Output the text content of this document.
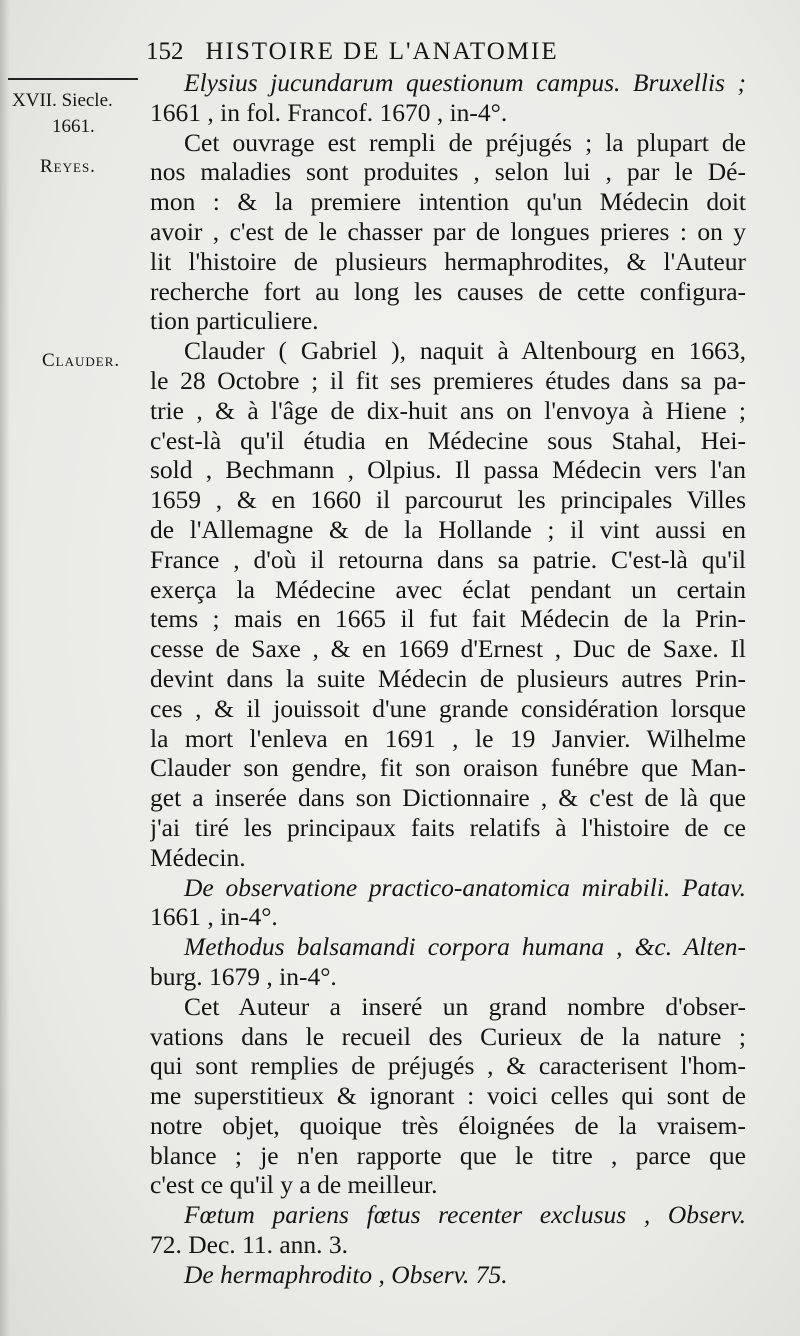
152 HISTOIRE DE L'ANATOMIE
XVII. Siecle.
1661.
Reyes.
Clauder.
Elysius jucundarum questionum campus. Bruxellis ;
1661 , in fol. Francof. 1670 , in-4°.
Cet ouvrage est rempli de préjugés ; la plupart de
nos maladies sont produites , selon lui , par le Dé-
mon : & la premiere intention qu'un Médecin doit
avoir , c'est de le chasser par de longues prieres : on y
lit l'histoire de plusieurs hermaphrodites, & l'Auteur
recherche fort au long les causes de cette configura-
tion particuliere.
Clauder ( Gabriel ), naquit à Altenbourg en 1663,
le 28 Octobre ; il fit ses premieres études dans sa pa-
trie , & à l'âge de dix-huit ans on l'envoya à Hiene ;
c'est-là qu'il étudia en Médecine sous Stahal, Hei-
sold , Bechmann , Olpius. Il passa Médecin vers l'an
1659 , & en 1660 il parcourut les principales Villes
de l'Allemagne & de la Hollande ; il vint aussi en
France , d'où il retourna dans sa patrie. C'est-là qu'il
exerça la Médecine avec éclat pendant un certain
tems ; mais en 1665 il fut fait Médecin de la Prin-
cesse de Saxe , & en 1669 d'Ernest , Duc de Saxe. Il
devint dans la suite Médecin de plusieurs autres Prin-
ces , & il jouissoit d'une grande considération lorsque
la mort l'enleva en 1691 , le 19 Janvier. Wilhelme
Clauder son gendre, fit son oraison funébre que Man-
get a inserée dans son Dictionnaire , & c'est de là que
j'ai tiré les principaux faits relatifs à l'histoire de ce
Médecin.
De observatione practico-anatomica mirabili. Patav.
1661 , in-4°.
Methodus balsamandi corpora humana , &c. Alten-
burg. 1679 , in-4°.
Cet Auteur a inseré un grand nombre d'obser-
vations dans le recueil des Curieux de la nature ;
qui sont remplies de préjugés , & caracterisent l'hom-
me superstitieux & ignorant : voici celles qui sont de
notre objet, quoique très éloignées de la vraisem-
blance ; je n'en rapporte que le titre , parce que
c'est ce qu'il y a de meilleur.
Fœtum pariens fœtus recenter exclusus , Observ.
72. Dec. 11. ann. 3.
De hermaphrodito , Observ. 75.
